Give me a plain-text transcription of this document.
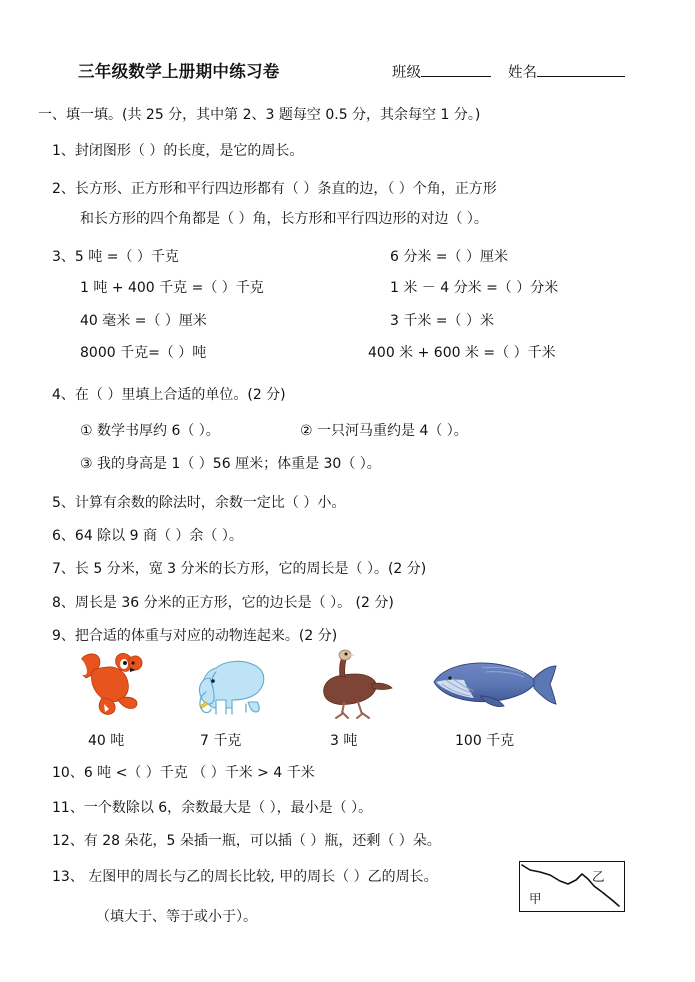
三年级数学上册期中练习卷	班级	姓名
一、填一填。(共 25 分，其中第 2、3 题每空 0.5 分，其余每空 1 分。)
1、封闭图形（ ）的长度，是它的周长。
2、长方形、正方形和平行四边形都有（ ）条直的边，（ ）个角，正方形
和长方形的四个角都是（ ）角，长方形和平行四边形的对边（ ）。
3、5 吨 =（ ）千克	6 分米 =（ ）厘米
1 吨 + 400 千克 =（ ）千克	1 米 － 4 分米 =（ ）分米
40 毫米 =（ ）厘米	3 千米 =（ ）米
8000 千克=（ ）吨	400 米 + 600 米 =（ ）千米
4、在（ ）里填上合适的单位。(2 分)
① 数学书厚约 6（ ）。	② 一只河马重约是 4（ ）。
③ 我的身高是 1（ ）56 厘米；体重是 30（ ）。
5、计算有余数的除法时，余数一定比（ ）小。
6、64 除以 9 商（ ）余（ ）。
7、长 5 分米，宽 3 分米的长方形，它的周长是（ ）。(2 分)
8、周长是 36 分米的正方形，它的边长是（ ）。 (2 分)
9、把合适的体重与对应的动物连起来。(2 分)
40 吨	7 千克	3 吨	100 千克
10、6 吨 <（ ）千克 （ ）千米 > 4 千米
11、一个数除以 6，余数最大是（ ），最小是（ ）。
12、有 28 朵花，5 朵插一瓶，可以插（ ）瓶，还剩（ ）朵。
13、 左图甲的周长与乙的周长比较, 甲的周长（ ）乙的周长。
（填大于、等于或小于）。
甲
乙
